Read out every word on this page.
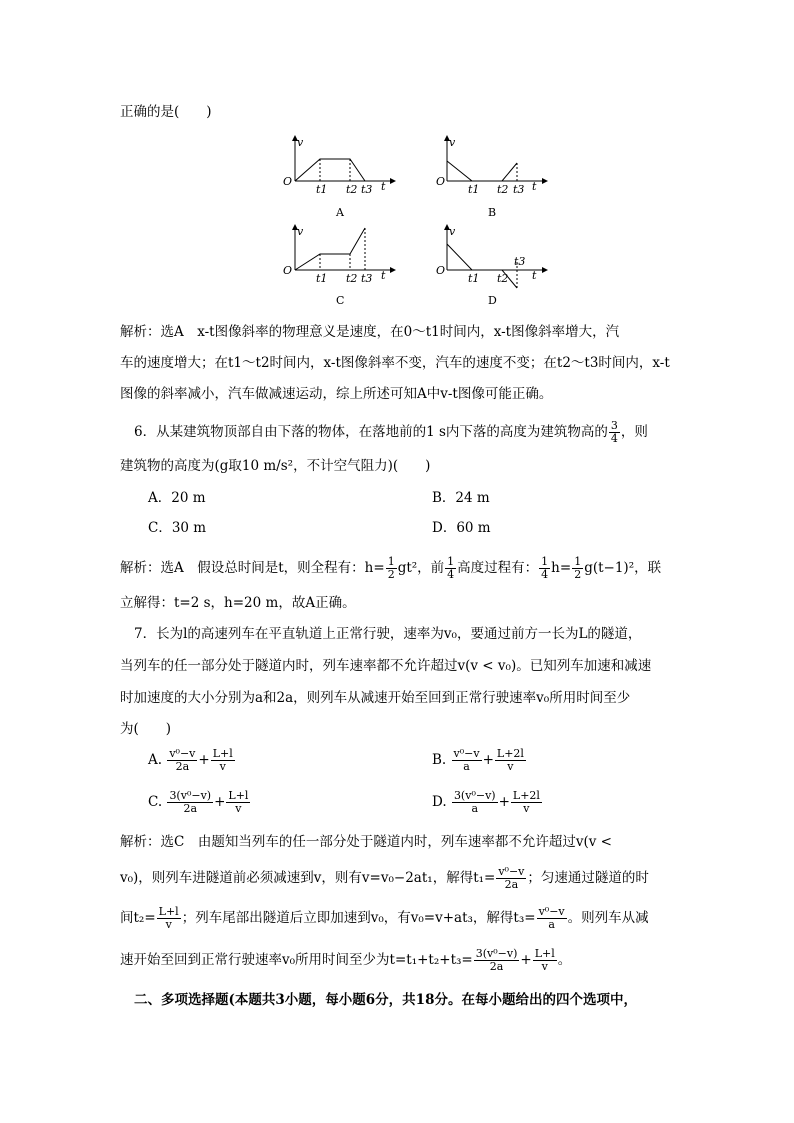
正确的是(　　)
v
O
t1 t2 t3 t
A
v
O
t1 t2 t3 t
B
v
O
t1 t2 t3 t
C
v
O
t1 t2
t3
t
D
解析：选A　x-t图像斜率的物理意义是速度，在0～t1时间内，x-t图像斜率增大，汽
车的速度增大；在t1～t2时间内，x-t图像斜率不变，汽车的速度不变；在t2～t3时间内，x-t
图像的斜率减小，汽车做减速运动，综上所述可知A中v-t图像可能正确。
6．从某建筑物顶部自由下落的物体，在落地前的1 s内下落的高度为建筑物高的 $\frac{3}{4}$ ，则
建筑物的高度为(g取10 m/s²，不计空气阻力)(　　)
A．20 m	B．24 m
C．30 m	D．60 m
解析：选A　假设总时间是t，则全程有：$h= \frac{1}{2} gt^2$，前 $\frac{1}{4}$ 高度过程有： $\frac{1}{4} h= \frac{1}{2} g(t-1)^2$，联
立解得：t=2 s，h=20 m，故A正确。
7．长为l的高速列车在平直轨道上正常行驶，速率为v₀，要通过前方一长为L的隧道，
当列车的任一部分处于隧道内时，列车速率都不允许超过v(v < v₀)。已知列车加速和减速
时加速度的大小分别为a和2a，则列车从减速开始至回到正常行驶速率v₀所用时间至少
为(　　)
A. $\frac{\text{v⁰−v}}{2a} + \frac{L+l}{v}$	B. $\frac{\text{v⁰−v}}{a} + \frac{L+2l}{v}$
C. $\frac{\text{3(v⁰−v)}}{2a} + \frac{L+l}{v}$	D. $\frac{\text{3(v⁰−v)}}{a} + \frac{L+2l}{v}$
解析：选C　由题知当列车的任一部分处于隧道内时，列车速率都不允许超过v(v <
v₀)，则列车进隧道前必须减速到v，则有v=v₀−2at₁，解得$t_1= \frac{\text{v⁰−v}}{2a}$ ；匀速通过隧道的时
间$t_2= \frac{L+l}{v}$ ；列车尾部出隧道后立即加速到v₀，有v₀=v+at₃，解得$t_3= \frac{\text{v⁰−v}}{a}$ 。则列车从减
速开始至回到正常行驶速率v₀所用时间至少为$t=t_1+t_2+t_3= \frac{\text{3(v⁰−v)}}{2a} + \frac{L+l}{v}$ 。
二、多项选择题(本题共3小题，每小题6分，共18分。在每小题给出的四个选项中，
